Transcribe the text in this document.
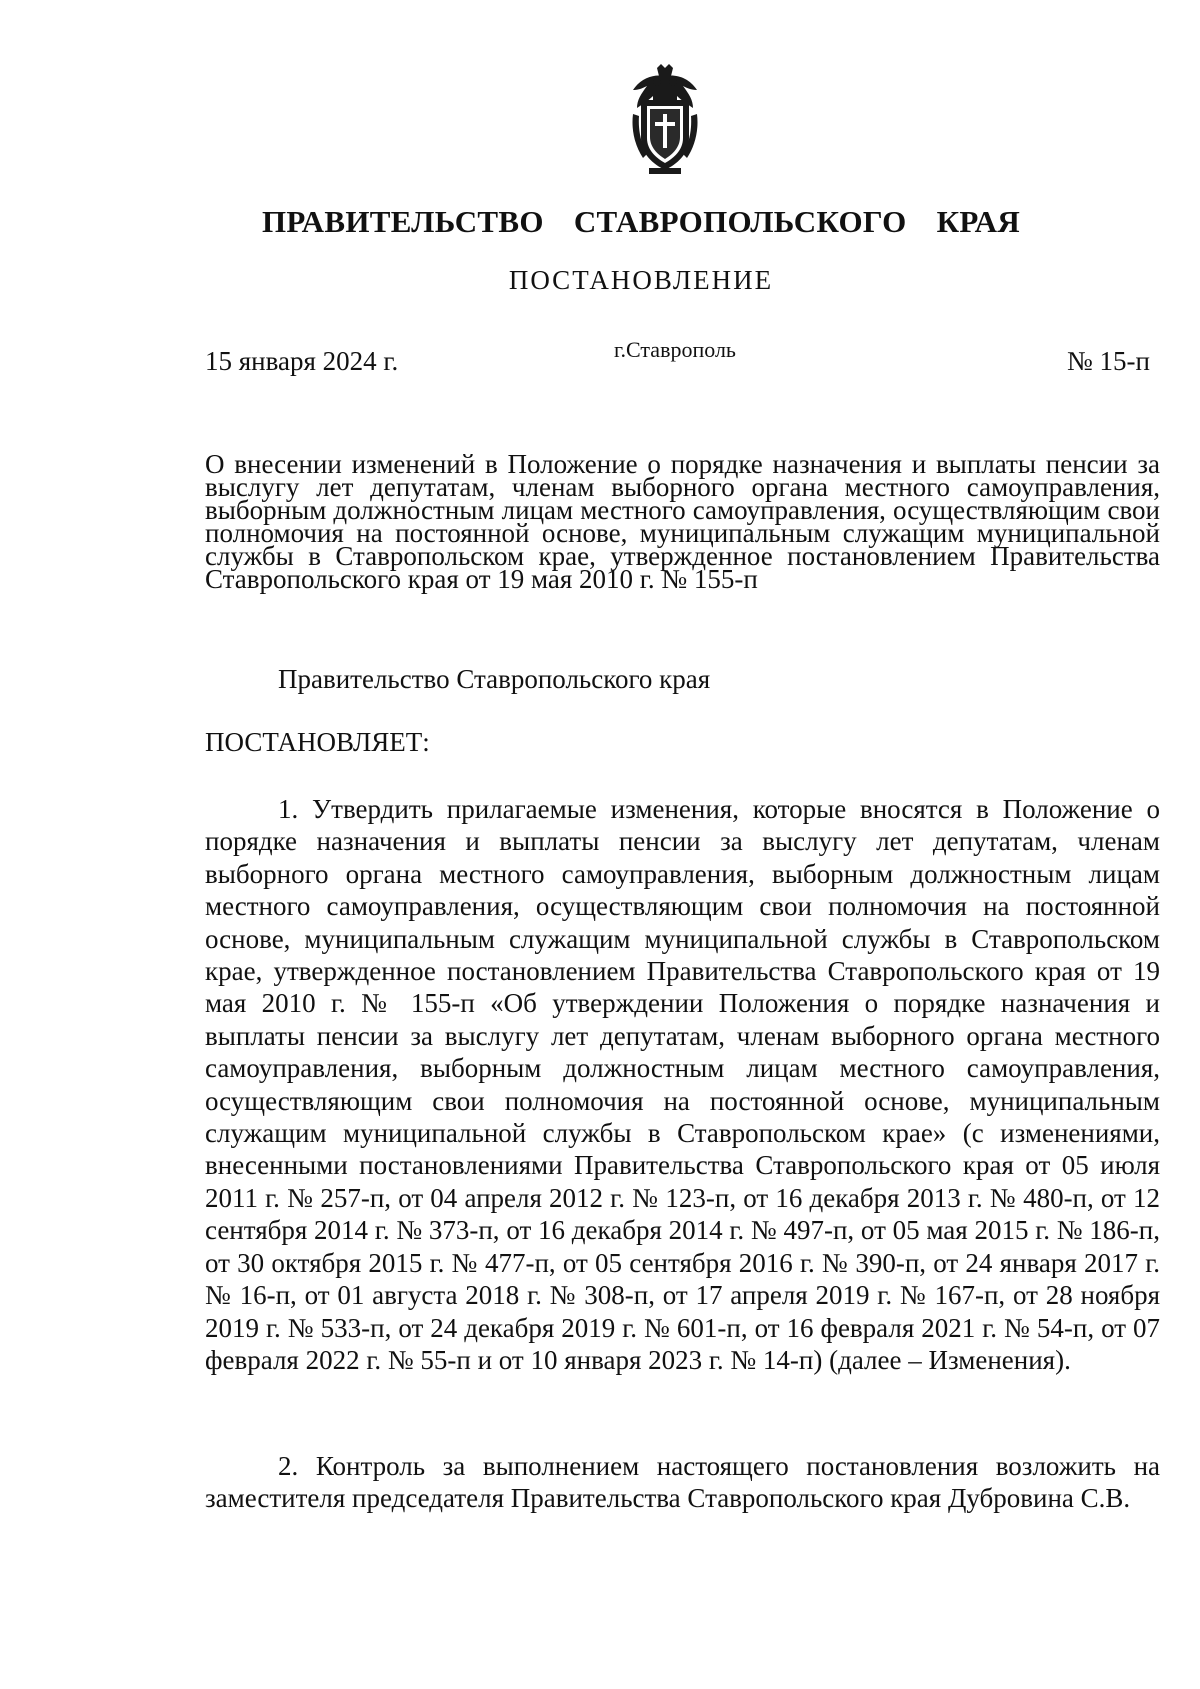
ПРАВИТЕЛЬСТВО СТАВРОПОЛЬСКОГО КРАЯ
ПОСТАНОВЛЕНИЕ
15 января 2024 г.	г.Ставрополь	№ 15-п

О внесении изменений в Положение о порядке назначения и выплаты пенсии за выслугу лет депутатам, членам выборного органа местного самоуправления, выборным должностным лицам местного самоуправления, осуществляющим свои полномочия на постоянной основе, муниципальным служащим муниципальной службы в Ставропольском крае, утвержденное постановлением Правительства Ставропольского края от 19 мая 2010 г. № 155-п

Правительство Ставропольского края
ПОСТАНОВЛЯЕТ:

1. Утвердить прилагаемые изменения, которые вносятся в Положение о порядке назначения и выплаты пенсии за выслугу лет депутатам, членам выборного органа местного самоуправления, выборным должностным лицам местного самоуправления, осуществляющим свои полномочия на постоянной основе, муниципальным служащим муниципальной службы в Ставропольском крае, утвержденное постановлением Правительства Ставропольского края от 19 мая 2010 г. № 155-п «Об утверждении Положения о порядке назначения и выплаты пенсии за выслугу лет депутатам, членам выборного органа местного самоуправления, выборным должностным лицам местного самоуправления, осуществляющим свои полномочия на постоянной основе, муниципальным служащим муниципальной службы в Ставропольском крае» (с изменениями, внесенными постановлениями Правительства Ставропольского края от 05 июля 2011 г. № 257-п, от 04 апреля 2012 г. № 123-п, от 16 декабря 2013 г. № 480-п, от 12 сентября 2014 г. № 373-п, от 16 декабря 2014 г. № 497-п, от 05 мая 2015 г. № 186-п, от 30 октября 2015 г. № 477-п, от 05 сентября 2016 г. № 390-п, от 24 января 2017 г. № 16-п, от 01 августа 2018 г. № 308-п, от 17 апреля 2019 г. № 167-п, от 28 ноября 2019 г. № 533-п, от 24 декабря 2019 г. № 601-п, от 16 февраля 2021 г. № 54-п, от 07 февраля 2022 г. № 55-п и от 10 января 2023 г. № 14-п) (далее – Изменения).

2. Контроль за выполнением настоящего постановления возложить на заместителя председателя Правительства Ставропольского края Дубровина С.В.
